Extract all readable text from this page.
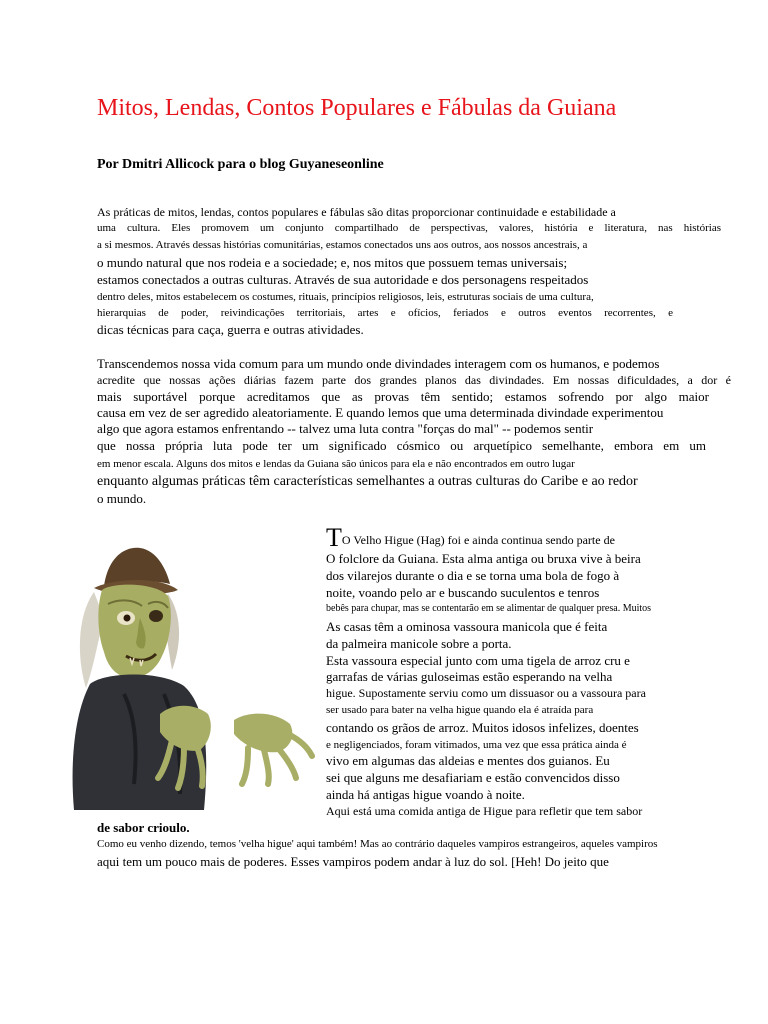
Mitos, Lendas, Contos Populares e Fábulas da Guiana
Por Dmitri Allicock para o blog Guyaneseonline
As práticas de mitos, lendas, contos populares e fábulas são ditas proporcionar continuidade e estabilidade a
uma cultura. Eles promovem um conjunto compartilhado de perspectivas, valores, história e literatura, nas histórias
a si mesmos. Através dessas histórias comunitárias, estamos conectados uns aos outros, aos nossos ancestrais, a
o mundo natural que nos rodeia e a sociedade; e, nos mitos que possuem temas universais;
estamos conectados a outras culturas. Através de sua autoridade e dos personagens respeitados
dentro deles, mitos estabelecem os costumes, rituais, princípios religiosos, leis, estruturas sociais de uma cultura,
hierarquias de poder, reivindicações territoriais, artes e ofícios, feriados e outros eventos recorrentes, e
dicas técnicas para caça, guerra e outras atividades.
Transcendemos nossa vida comum para um mundo onde divindades interagem com os humanos, e podemos
acredite que nossas ações diárias fazem parte dos grandes planos das divindades. Em nossas dificuldades, a dor é
mais suportável porque acreditamos que as provas têm sentido; estamos sofrendo por algo maior
causa em vez de ser agredido aleatoriamente. E quando lemos que uma determinada divindade experimentou
algo que agora estamos enfrentando -- talvez uma luta contra "forças do mal" -- podemos sentir
que nossa própria luta pode ter um significado cósmico ou arquetípico semelhante, embora em um
em menor escala. Alguns dos mitos e lendas da Guiana são únicos para ela e não encontrados em outro lugar
enquanto algumas práticas têm características semelhantes a outras culturas do Caribe e ao redor
o mundo.
TO Velho Higue (Hag) foi e ainda continua sendo parte de
O folclore da Guiana. Esta alma antiga ou bruxa vive à beira
dos vilarejos durante o dia e se torna uma bola de fogo à
noite, voando pelo ar e buscando suculentos e tenros
bebês para chupar, mas se contentarão em se alimentar de qualquer presa. Muitos
As casas têm a ominosa vassoura manicola que é feita
da palmeira manicole sobre a porta.
Esta vassoura especial junto com uma tigela de arroz cru e
garrafas de várias guloseimas estão esperando na velha
higue. Supostamente serviu como um dissuasor ou a vassoura para
ser usado para bater na velha higue quando ela é atraída para
contando os grãos de arroz. Muitos idosos infelizes, doentes
e negligenciados, foram vitimados, uma vez que essa prática ainda é
vivo em algumas das aldeias e mentes dos guianos. Eu
sei que alguns me desafiariam e estão convencidos disso
ainda há antigas higue voando à noite.
Aqui está uma comida antiga de Higue para refletir que tem sabor
de sabor crioulo.
Como eu venho dizendo, temos 'velha higue' aqui também! Mas ao contrário daqueles vampiros estrangeiros, aqueles vampiros
aqui tem um pouco mais de poderes. Esses vampiros podem andar à luz do sol. [Heh! Do jeito que
